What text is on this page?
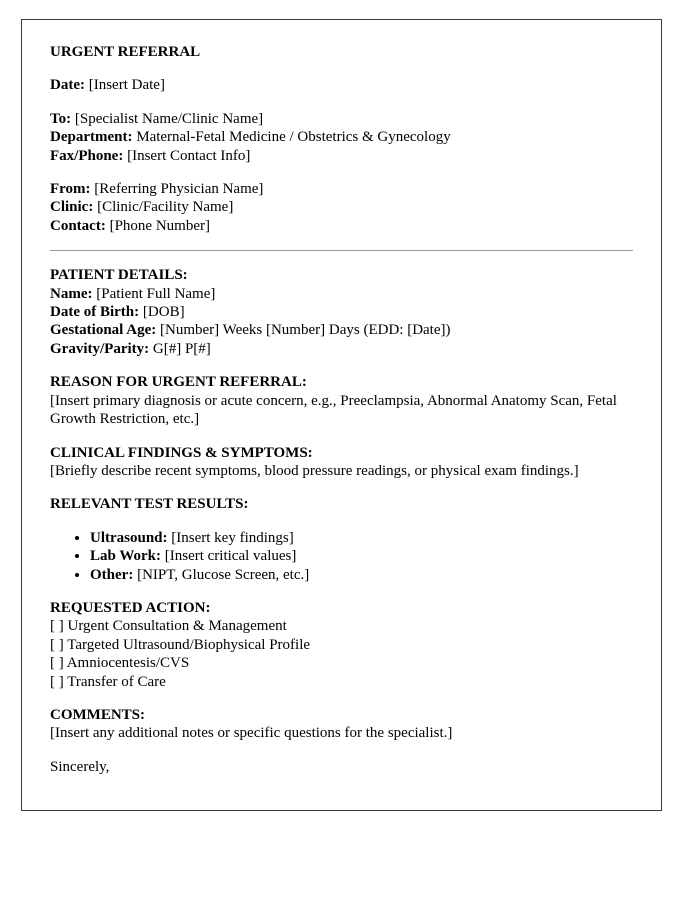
URGENT REFERRAL

Date: [Insert Date]

To: [Specialist Name/Clinic Name]
Department: Maternal-Fetal Medicine / Obstetrics & Gynecology
Fax/Phone: [Insert Contact Info]

From: [Referring Physician Name]
Clinic: [Clinic/Facility Name]
Contact: [Phone Number]

PATIENT DETAILS:
Name: [Patient Full Name]
Date of Birth: [DOB]
Gestational Age: [Number] Weeks [Number] Days (EDD: [Date])
Gravity/Parity: G[#] P[#]

REASON FOR URGENT REFERRAL:
[Insert primary diagnosis or acute concern, e.g., Preeclampsia, Abnormal Anatomy Scan, Fetal Growth Restriction, etc.]

CLINICAL FINDINGS & SYMPTOMS:
[Briefly describe recent symptoms, blood pressure readings, or physical exam findings.]

RELEVANT TEST RESULTS:

• Ultrasound: [Insert key findings]
• Lab Work: [Insert critical values]
• Other: [NIPT, Glucose Screen, etc.]

REQUESTED ACTION:
[ ] Urgent Consultation & Management
[ ] Targeted Ultrasound/Biophysical Profile
[ ] Amniocentesis/CVS
[ ] Transfer of Care

COMMENTS:
[Insert any additional notes or specific questions for the specialist.]

Sincerely,
